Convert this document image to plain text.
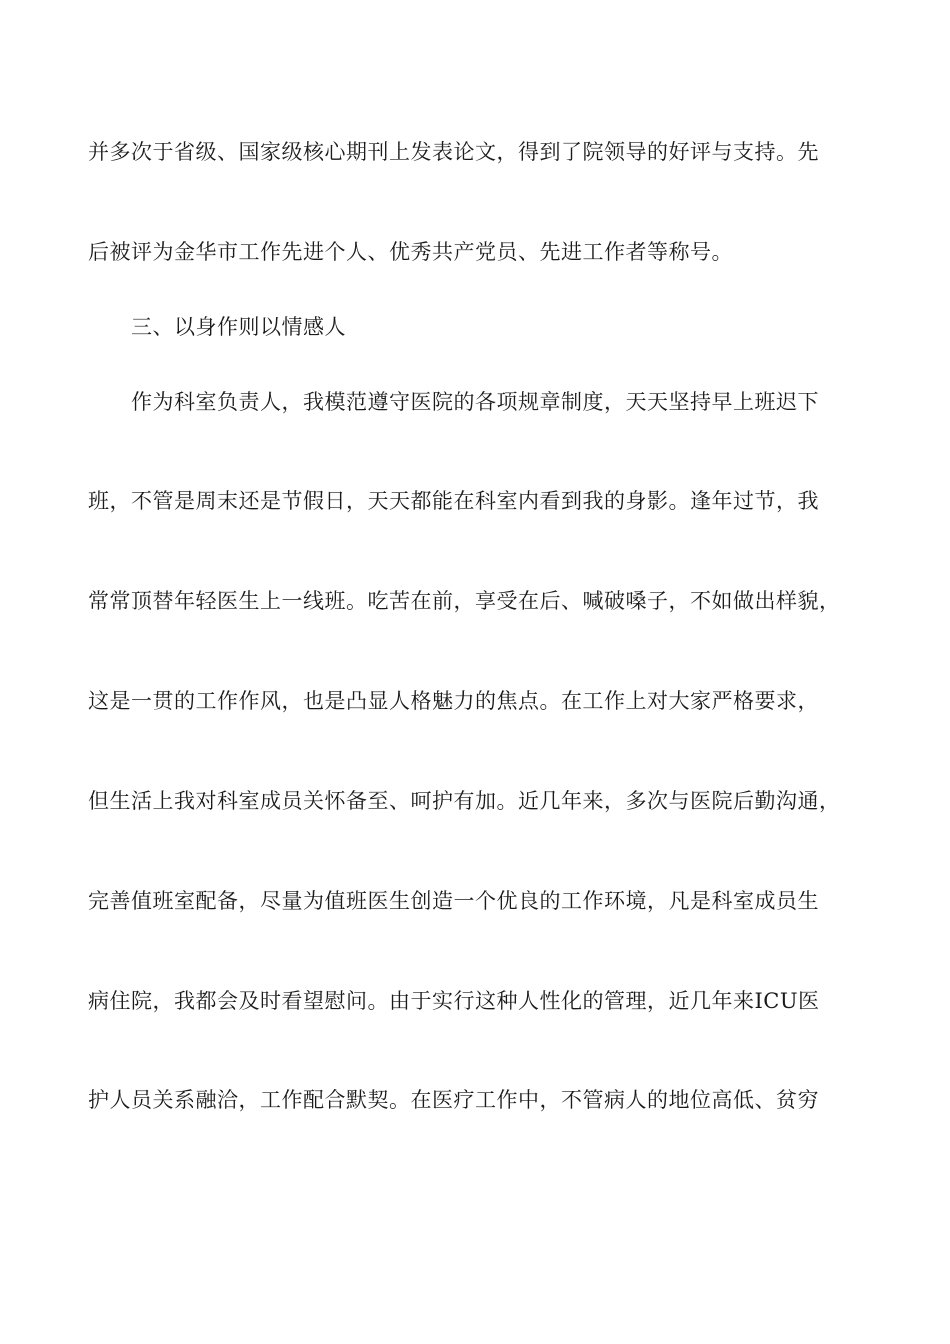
并多次于省级、国家级核心期刊上发表论文，得到了院领导的好评与支持。先
后被评为金华市工作先进个人、优秀共产党员、先进工作者等称号。
三、以身作则以情感人
作为科室负责人，我模范遵守医院的各项规章制度，天天坚持早上班迟下
班，不管是周末还是节假日，天天都能在科室内看到我的身影。逢年过节，我
常常顶替年轻医生上一线班。吃苦在前，享受在后、喊破嗓子，不如做出样貌，
这是一贯的工作作风，也是凸显人格魅力的焦点。在工作上对大家严格要求，
但生活上我对科室成员关怀备至、呵护有加。近几年来，多次与医院后勤沟通，
完善值班室配备，尽量为值班医生创造一个优良的工作环境，凡是科室成员生
病住院，我都会及时看望慰问。由于实行这种人性化的管理，近几年来ICU医
护人员关系融洽，工作配合默契。在医疗工作中，不管病人的地位高低、贫穷
